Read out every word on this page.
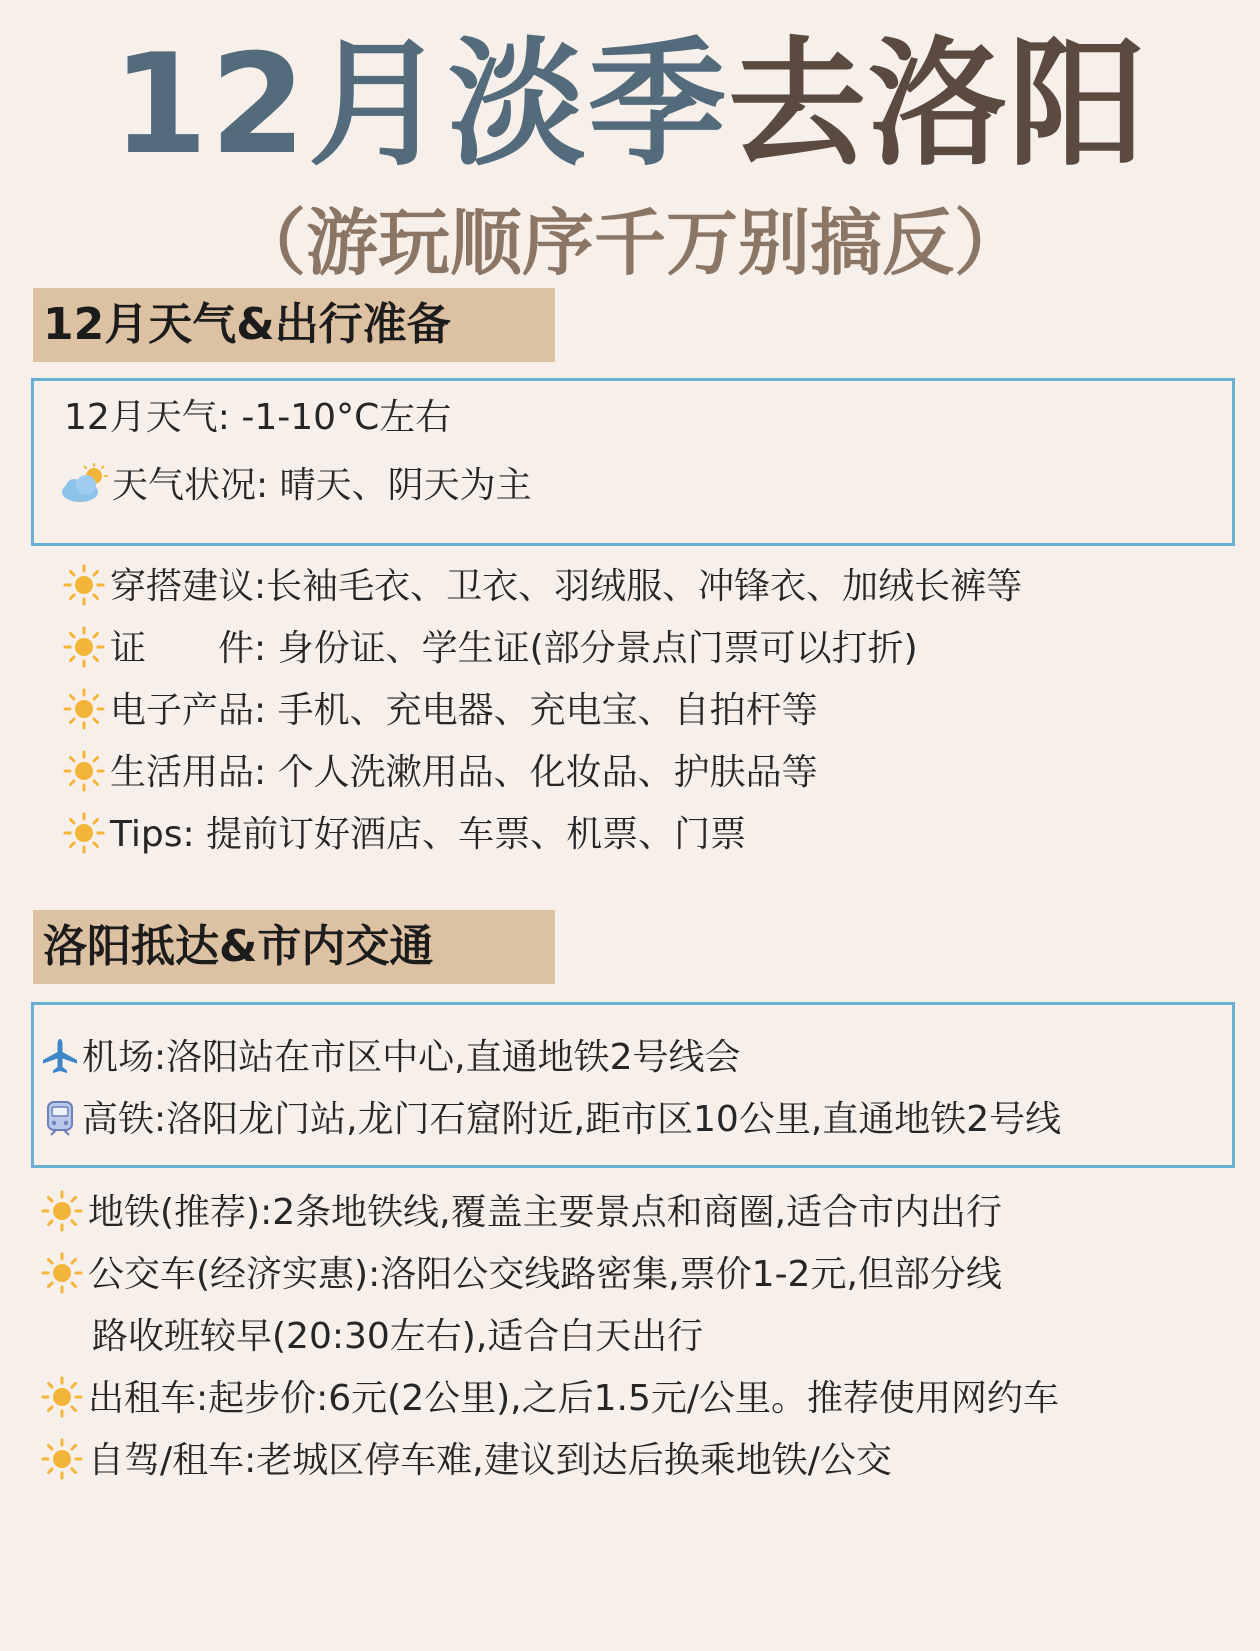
12月淡季去洛阳
（游玩顺序千万别搞反）
12月天气&出行准备
12月天气: -1-10°C左右
天气状况: 晴天、阴天为主
穿搭建议:长袖毛衣、卫衣、羽绒服、冲锋衣、加绒长裤等
证　　件: 身份证、学生证(部分景点门票可以打折)
电子产品: 手机、充电器、充电宝、自拍杆等
生活用品: 个人洗漱用品、化妆品、护肤品等
Tips: 提前订好酒店、车票、机票、门票
洛阳抵达&市内交通
机场:洛阳站在市区中心,直通地铁2号线会
高铁:洛阳龙门站,龙门石窟附近,距市区10公里,直通地铁2号线
地铁(推荐):2条地铁线,覆盖主要景点和商圈,适合市内出行
公交车(经济实惠):洛阳公交线路密集,票价1-2元,但部分线
路收班较早(20:30左右),适合白天出行
出租车:起步价:6元(2公里),之后1.5元/公里。推荐使用网约车
自驾/租车:老城区停车难,建议到达后换乘地铁/公交
